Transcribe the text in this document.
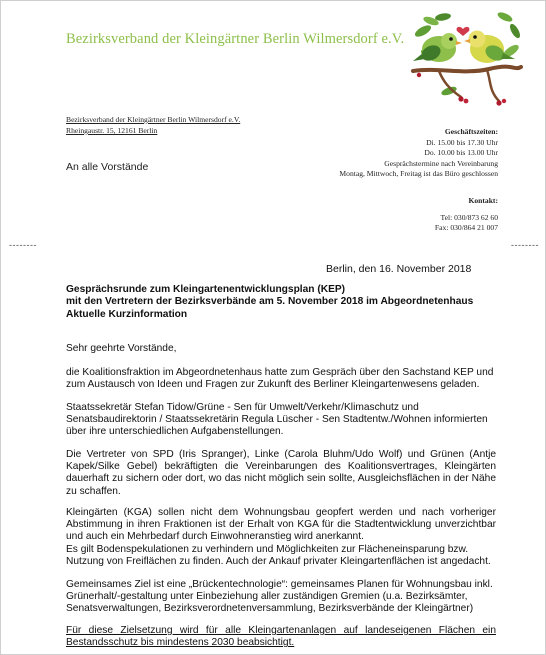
Bezirksverband der Kleingärtner Berlin Wilmersdorf e.V.
Bezirksverband der Kleingärtner Berlin Wilmersdorf e.V.
Rheingaustr. 15, 12161 Berlin
An alle Vorstände
Geschäftszeiten:
Di. 15.00 bis 17.30 Uhr
Do. 10.00 bis 13.00 Uhr
Gesprächstermine nach Vereinbarung
Montag, Mittwoch, Freitag ist das Büro geschlossen
Kontakt:
Tel: 030/873 62 60
Fax: 030/864 21 007
--------	--------
Berlin, den 16. November 2018
Gesprächsrunde zum Kleingartenentwicklungsplan (KEP)
mit den Vertretern der Bezirksverbände am 5. November 2018 im Abgeordnetenhaus
Aktuelle Kurzinformation
Sehr geehrte Vorstände,
die Koalitionsfraktion im Abgeordnetenhaus hatte zum Gespräch über den Sachstand KEP und zum Austausch von Ideen und Fragen zur Zukunft des Berliner Kleingartenwesens geladen.
Staatssekretär Stefan Tidow/Grüne - Sen für Umwelt/Verkehr/Klimaschutz und Senatsbaudirektorin / Staatssekretärin Regula Lüscher - Sen Stadtentw./Wohnen informierten über ihre unterschiedlichen Aufgabenstellungen.
Die Vertreter von SPD (Iris Spranger), Linke (Carola Bluhm/Udo Wolf) und Grünen (Antje Kapek/Silke Gebel) bekräftigten die Vereinbarungen des Koalitionsvertrages, Kleingärten dauerhaft zu sichern oder dort, wo das nicht möglich sein sollte, Ausgleichsflächen in der Nähe zu schaffen.
Kleingärten (KGA) sollen nicht dem Wohnungsbau geopfert werden und nach vorheriger Abstimmung in ihren Fraktionen ist der Erhalt von KGA für die Stadtentwicklung unverzichtbar und auch ein Mehrbedarf durch Einwohneranstieg wird anerkannt.
Es gilt Bodenspekulationen zu verhindern und Möglichkeiten zur Flächeneinsparung bzw. Nutzung von Freiflächen zu finden. Auch der Ankauf privater Kleingartenflächen ist angedacht.
Gemeinsames Ziel ist eine „Brückentechnologie“: gemeinsames Planen für Wohnungsbau inkl. Grünerhalt/-gestaltung unter Einbeziehung aller zuständigen Gremien (u.a. Bezirksämter, Senatsverwaltungen, Bezirksverordnetenversammlung, Bezirksverbände der Kleingärtner)
Für diese Zielsetzung wird für alle Kleingartenanlagen auf landeseigenen Flächen ein Bestandsschutz bis mindestens 2030 beabsichtigt.
